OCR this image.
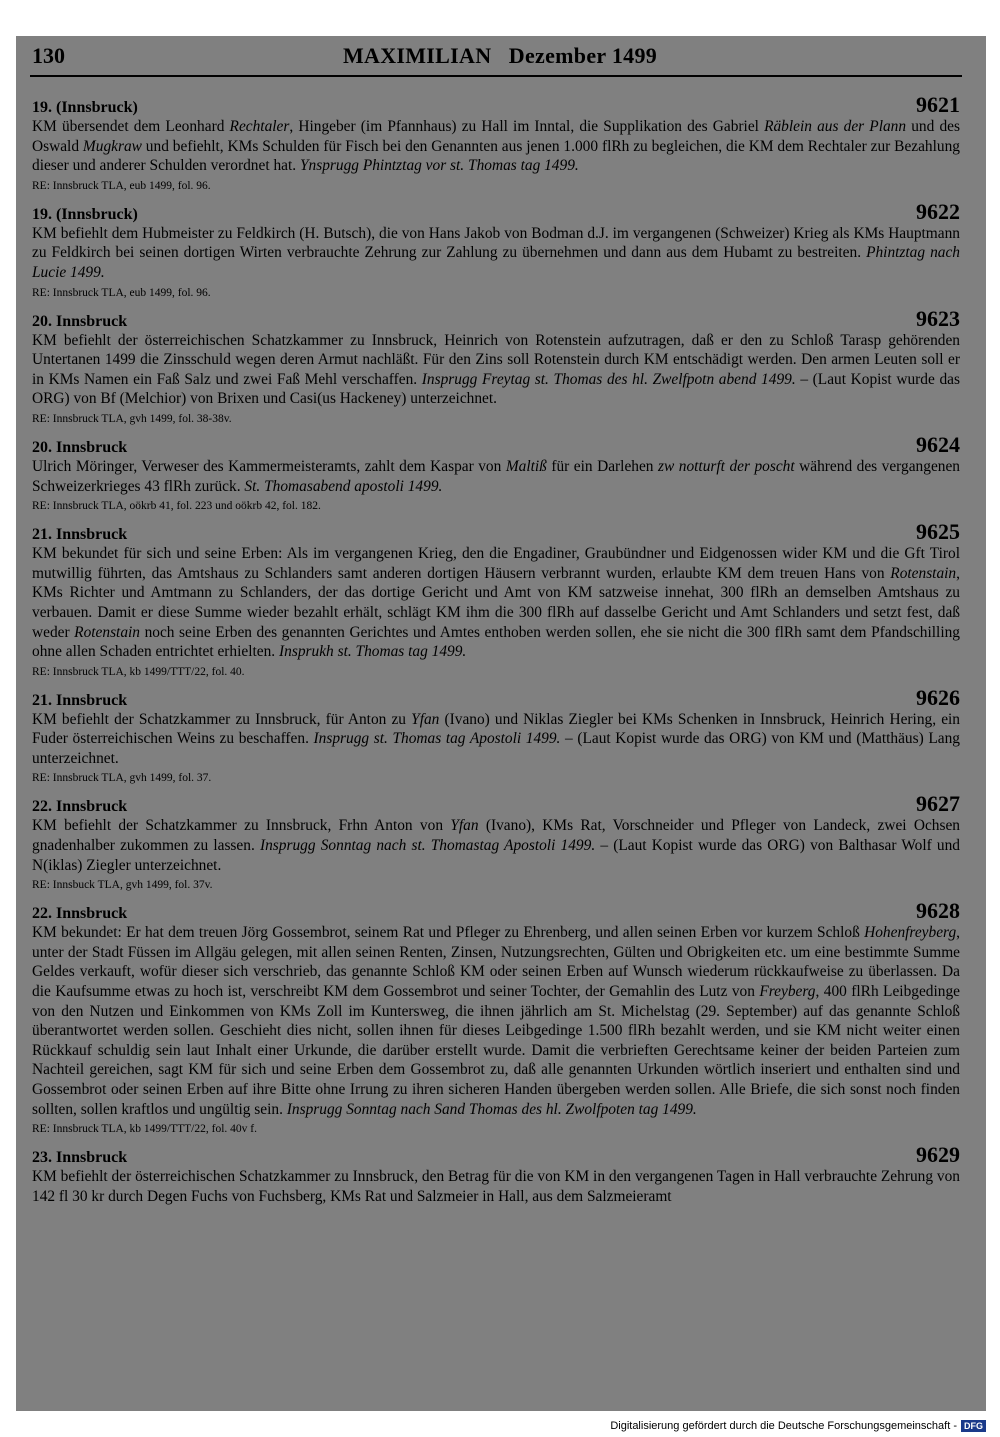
130	MAXIMILIAN   Dezember 1499
19. (Innsbruck)	9621
KM übersendet dem Leonhard Rechtaler, Hingeber (im Pfannhaus) zu Hall im Inntal, die Supplikation des Gabriel Räblein aus der Plann und des Oswald Mugkraw und befiehlt, KMs Schulden für Fisch bei den Genannten aus jenen 1.000 flRh zu begleichen, die KM dem Rechtaler zur Bezahlung dieser und anderer Schulden verordnet hat. Ynsprugg Phintztag vor st. Thomas tag 1499.
RE: Innsbruck TLA, eub 1499, fol. 96.
19. (Innsbruck)	9622
KM befiehlt dem Hubmeister zu Feldkirch (H. Butsch), die von Hans Jakob von Bodman d.J. im vergangenen (Schweizer) Krieg als KMs Hauptmann zu Feldkirch bei seinen dortigen Wirten verbrauchte Zehrung zur Zahlung zu übernehmen und dann aus dem Hubamt zu bestreiten. Phintztag nach Lucie 1499.
RE: Innsbruck TLA, eub 1499, fol. 96.
20. Innsbruck	9623
KM befiehlt der österreichischen Schatzkammer zu Innsbruck, Heinrich von Rotenstein aufzutragen, daß er den zu Schloß Tarasp gehörenden Untertanen 1499 die Zinsschuld wegen deren Armut nachläßt. Für den Zins soll Rotenstein durch KM entschädigt werden. Den armen Leuten soll er in KMs Namen ein Faß Salz und zwei Faß Mehl verschaffen. Insprugg Freytag st. Thomas des hl. Zwelfpotn abend 1499. – (Laut Kopist wurde das ORG) von Bf (Melchior) von Brixen und Casi(us Hackeney) unterzeichnet.
RE: Innsbruck TLA, gvh 1499, fol. 38-38v.
20. Innsbruck	9624
Ulrich Möringer, Verweser des Kammermeisteramts, zahlt dem Kaspar von Maltiß für ein Darlehen zw notturft der poscht während des vergangenen Schweizerkrieges 43 flRh zurück. St. Thomasabend apostoli 1499.
RE: Innsbruck TLA, oökrb 41, fol. 223 und oökrb 42, fol. 182.
21. Innsbruck	9625
KM bekundet für sich und seine Erben: Als im vergangenen Krieg, den die Engadiner, Graubündner und Eidgenossen wider KM und die Gft Tirol mutwillig führten, das Amtshaus zu Schlanders samt anderen dortigen Häusern verbrannt wurden, erlaubte KM dem treuen Hans von Rotenstain, KMs Richter und Amtmann zu Schlanders, der das dortige Gericht und Amt von KM satzweise innehat, 300 flRh an demselben Amtshaus zu verbauen. Damit er diese Summe wieder bezahlt erhält, schlägt KM ihm die 300 flRh auf dasselbe Gericht und Amt Schlanders und setzt fest, daß weder Rotenstain noch seine Erben des genannten Gerichtes und Amtes enthoben werden sollen, ehe sie nicht die 300 flRh samt dem Pfandschilling ohne allen Schaden entrichtet erhielten. Insprukh st. Thomas tag 1499.
RE: Innsbruck TLA, kb 1499/TTT/22, fol. 40.
21. Innsbruck	9626
KM befiehlt der Schatzkammer zu Innsbruck, für Anton zu Yfan (Ivano) und Niklas Ziegler bei KMs Schenken in Innsbruck, Heinrich Hering, ein Fuder österreichischen Weins zu beschaffen. Insprugg st. Thomas tag Apostoli 1499. – (Laut Kopist wurde das ORG) von KM und (Matthäus) Lang unterzeichnet.
RE: Innsbruck TLA, gvh 1499, fol. 37.
22. Innsbruck	9627
KM befiehlt der Schatzkammer zu Innsbruck, Frhn Anton von Yfan (Ivano), KMs Rat, Vorschneider und Pfleger von Landeck, zwei Ochsen gnadenhalber zukommen zu lassen. Insprugg Sonntag nach st. Thomastag Apostoli 1499. – (Laut Kopist wurde das ORG) von Balthasar Wolf und N(iklas) Ziegler unterzeichnet.
RE: Innsbuck TLA, gvh 1499, fol. 37v.
22. Innsbruck	9628
KM bekundet: Er hat dem treuen Jörg Gossembrot, seinem Rat und Pfleger zu Ehrenberg, und allen seinen Erben vor kurzem Schloß Hohenfreyberg, unter der Stadt Füssen im Allgäu gelegen, mit allen seinen Renten, Zinsen, Nutzungsrechten, Gülten und Obrigkeiten etc. um eine bestimmte Summe Geldes verkauft, wofür dieser sich verschrieb, das genannte Schloß KM oder seinen Erben auf Wunsch wiederum rückkaufweise zu überlassen. Da die Kaufsumme etwas zu hoch ist, verschreibt KM dem Gossembrot und seiner Tochter, der Gemahlin des Lutz von Freyberg, 400 flRh Leibgedinge von den Nutzen und Einkommen von KMs Zoll im Kuntersweg, die ihnen jährlich am St. Michelstag (29. September) auf das genannte Schloß überantwortet werden sollen. Geschieht dies nicht, sollen ihnen für dieses Leibgedinge 1.500 flRh bezahlt werden, und sie KM nicht weiter einen Rückkauf schuldig sein laut Inhalt einer Urkunde, die darüber erstellt wurde. Damit die verbrieften Gerechtsame keiner der beiden Parteien zum Nachteil gereichen, sagt KM für sich und seine Erben dem Gossembrot zu, daß alle genannten Urkunden wörtlich inseriert und enthalten sind und Gossembrot oder seinen Erben auf ihre Bitte ohne Irrung zu ihren sicheren Handen übergeben werden sollen. Alle Briefe, die sich sonst noch finden sollten, sollen kraftlos und ungültig sein. Insprugg Sonntag nach Sand Thomas des hl. Zwolfpoten tag 1499.
RE: Innsbruck TLA, kb 1499/TTT/22, fol. 40v f.
23. Innsbruck	9629
KM befiehlt der österreichischen Schatzkammer zu Innsbruck, den Betrag für die von KM in den vergangenen Tagen in Hall verbrauchte Zehrung von 142 fl 30 kr durch Degen Fuchs von Fuchsberg, KMs Rat und Salzmeier in Hall, aus dem Salzmeieramt
Digitalisierung gefördert durch die Deutsche Forschungsgemeinschaft - DFG
